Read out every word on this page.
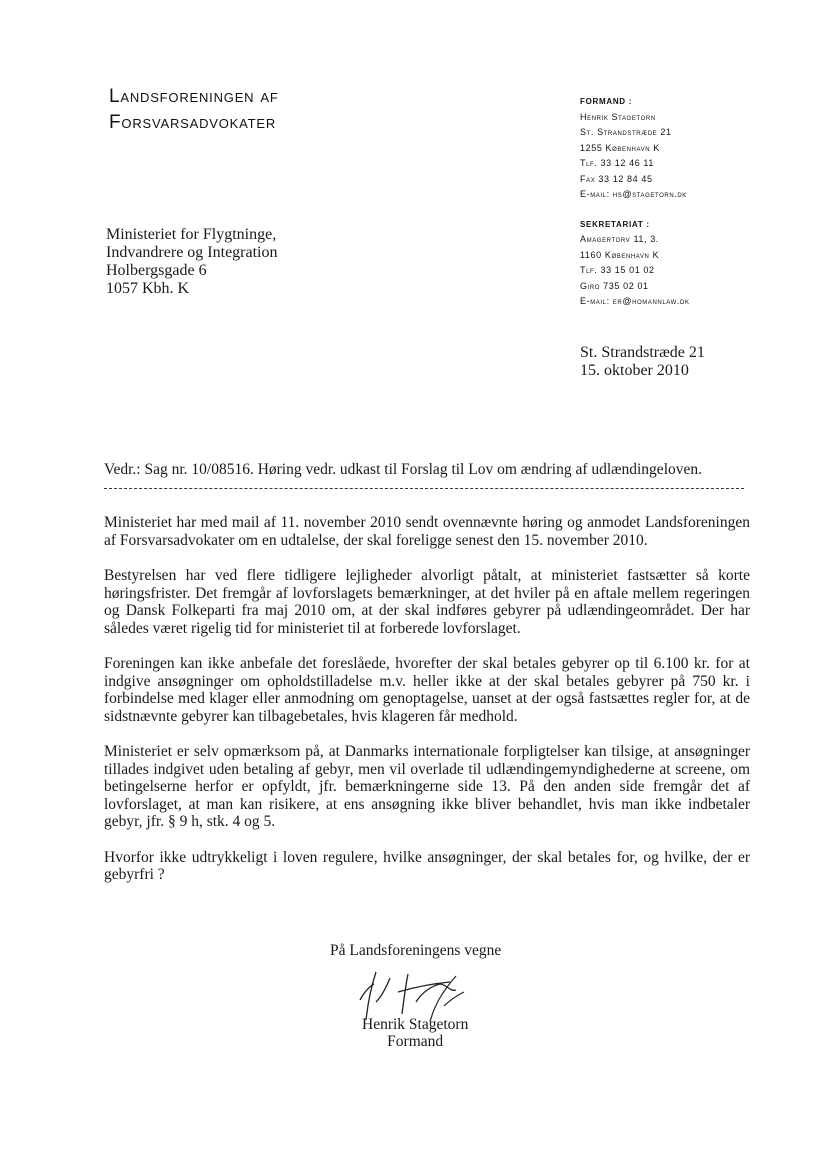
Landsforeningen af
Forsvarsadvokater
FORMAND :
Henrik Stagetorn
St. Strandstræde 21
1255 København K
Tlf. 33 12 46 11
Fax 33 12 84 45
E-mail: hs@stagetorn.dk
SEKRETARIAT :
Amagertorv 11, 3.
1160 København K
Tlf. 33 15 01 02
Giro 735 02 01
E-mail: er@homannlaw.dk
Ministeriet for Flygtninge,
Indvandrere og Integration
Holbergsgade 6
1057 Kbh. K
St. Strandstræde 21
15. oktober 2010
Vedr.: Sag nr. 10/08516. Høring vedr. udkast til Forslag til Lov om ændring af udlændingeloven.

Ministeriet har med mail af 11. november 2010 sendt ovennævnte høring og anmodet Landsforeningen af Forsvarsadvokater om en udtalelse, der skal foreligge senest den 15. november 2010.

Bestyrelsen har ved flere tidligere lejligheder alvorligt påtalt, at ministeriet fastsætter så korte høringsfrister. Det fremgår af lovforslagets bemærkninger, at det hviler på en aftale mellem regeringen og Dansk Folkeparti fra maj 2010 om, at der skal indføres gebyrer på udlændingeområdet. Der har således været rigelig tid for ministeriet til at forberede lovforslaget.

Foreningen kan ikke anbefale det foreslåede, hvorefter der skal betales gebyrer op til 6.100 kr. for at indgive ansøgninger om opholdstilladelse m.v. heller ikke at der skal betales gebyrer på 750 kr. i forbindelse med klager eller anmodning om genoptagelse, uanset at der også fastsættes regler for, at de sidstnævnte gebyrer kan tilbagebetales, hvis klageren får medhold.

Ministeriet er selv opmærksom på, at Danmarks internationale forpligtelser kan tilsige, at ansøgninger tillades indgivet uden betaling af gebyr, men vil overlade til udlændingemyndighederne at screene, om betingelserne herfor er opfyldt, jfr. bemærkningerne side 13. På den anden side fremgår det af lovforslaget, at man kan risikere, at ens ansøgning ikke bliver behandlet, hvis man ikke indbetaler gebyr, jfr. § 9 h, stk. 4 og 5.

Hvorfor ikke udtrykkeligt i loven regulere, hvilke ansøgninger, der skal betales for, og hvilke, der er gebyrfri ?

På Landsforeningens vegne
Henrik Stagetorn
Formand
